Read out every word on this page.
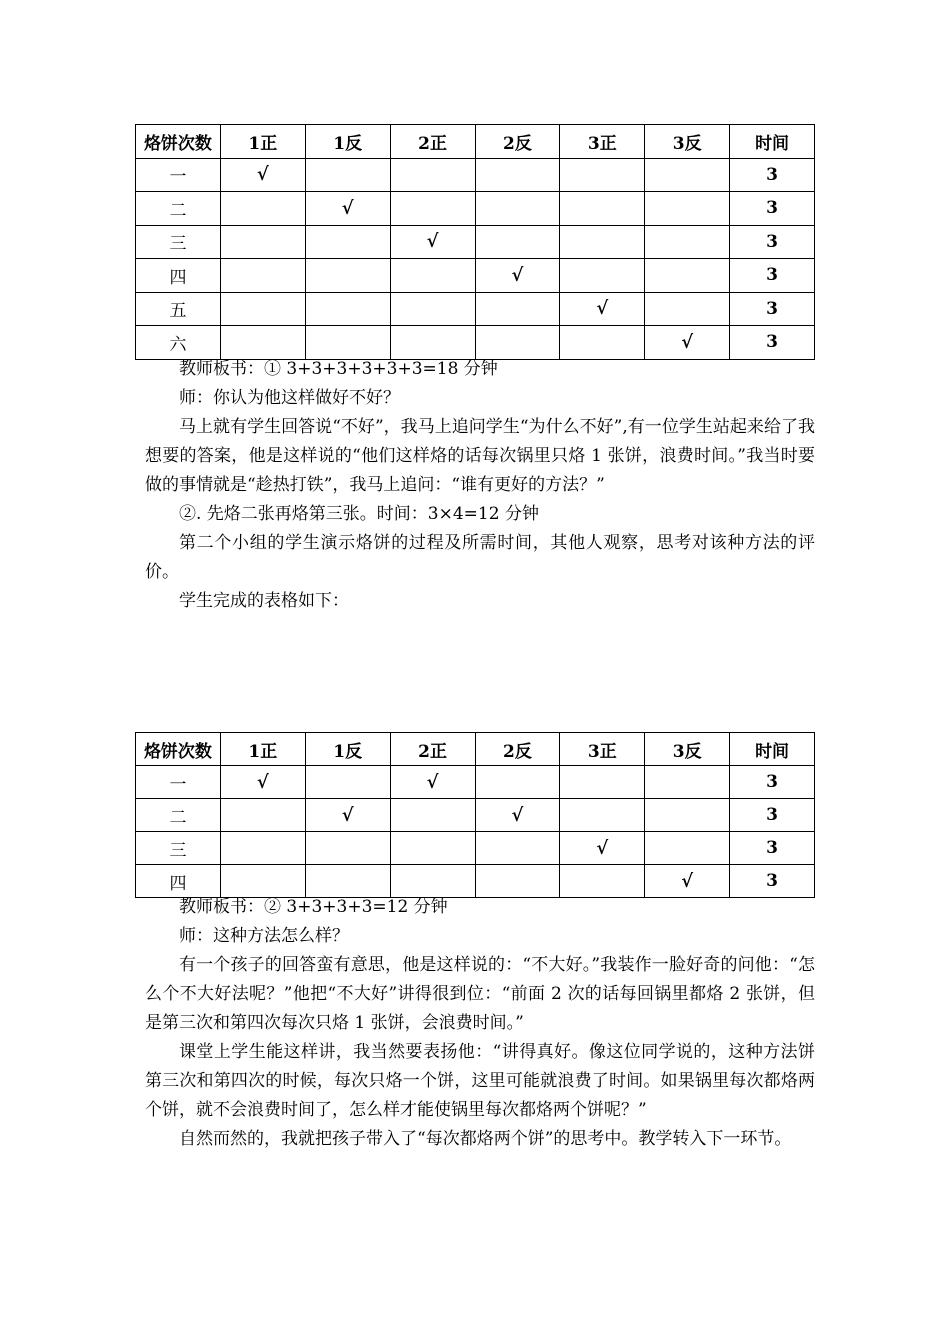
烙饼次数	1正	1反	2正	2反	3正	3反	时间
一	√						3
二		√					3
三			√				3
四				√			3
五					√		3
六						√	3

教师板书：① 3+3+3+3+3+3=18 分钟

师：你认为他这样做好不好？

马上就有学生回答说“不好”，我马上追问学生“为什么不好”,有一位学生站起来给了我想要的答案，他是这样说的“他们这样烙的话每次锅里只烙 1 张饼，浪费时间。”我当时要做的事情就是“趁热打铁”，我马上追问：“谁有更好的方法？”

②. 先烙二张再烙第三张。时间：3×4=12 分钟

第二个小组的学生演示烙饼的过程及所需时间，其他人观察，思考对该种方法的评价。

学生完成的表格如下：

烙饼次数	1正	1反	2正	2反	3正	3反	时间
一	√		√				3
二		√		√			3
三					√		3
四						√	3

教师板书：② 3+3+3+3=12 分钟

师：这种方法怎么样？

有一个孩子的回答蛮有意思，他是这样说的：“不大好。”我装作一脸好奇的问他：“怎么个不大好法呢？”他把“不大好”讲得很到位：“前面 2 次的话每回锅里都烙 2 张饼，但是第三次和第四次每次只烙 1 张饼，会浪费时间。”

课堂上学生能这样讲，我当然要表扬他：“讲得真好。像这位同学说的，这种方法饼第三次和第四次的时候，每次只烙一个饼，这里可能就浪费了时间。如果锅里每次都烙两个饼，就不会浪费时间了，怎么样才能使锅里每次都烙两个饼呢？”

自然而然的，我就把孩子带入了“每次都烙两个饼”的思考中。教学转入下一环节。
